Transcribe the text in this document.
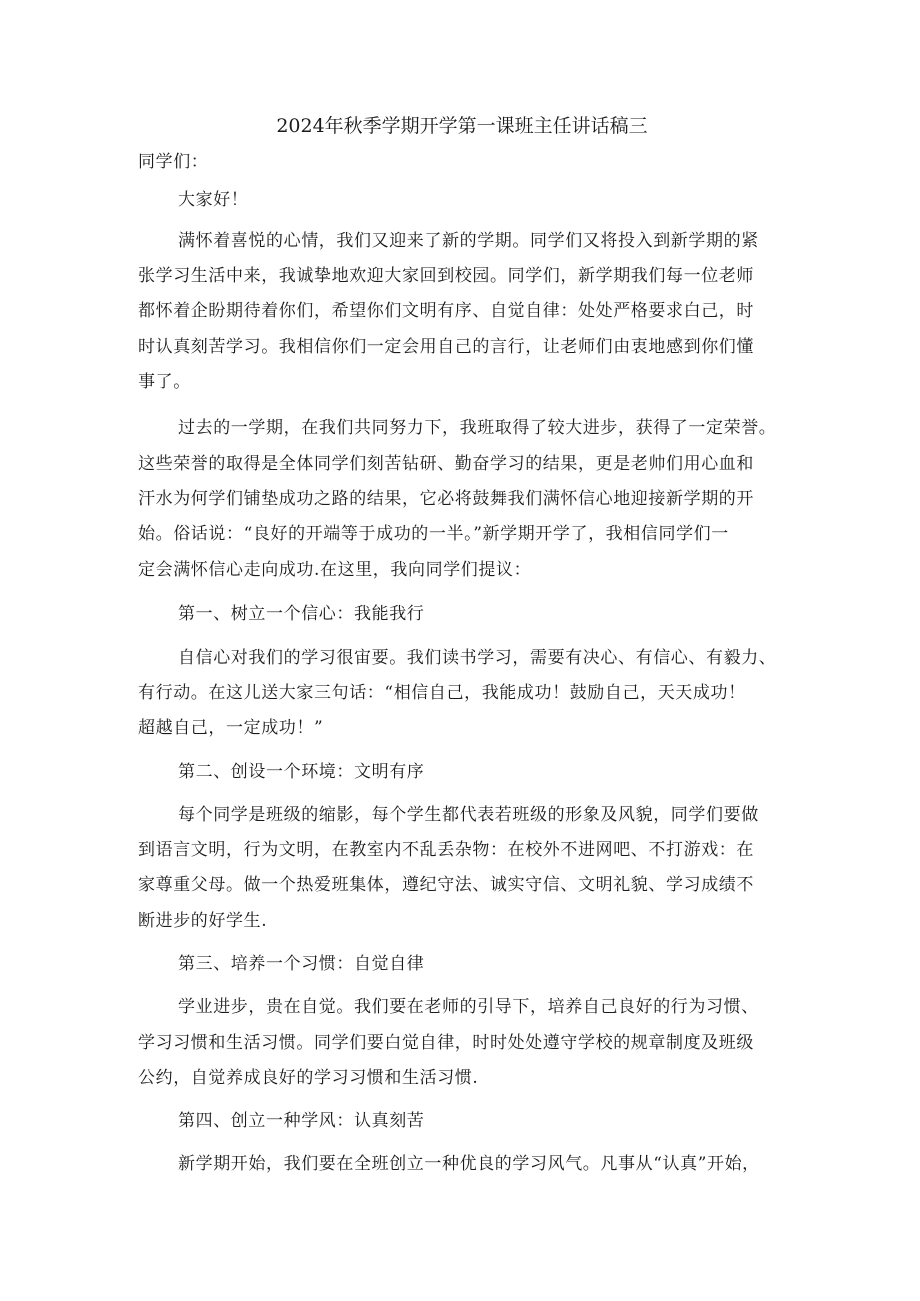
2024年秋季学期开学第一课班主任讲话稿三
同学们：
大家好！
满怀着喜悦的心情，我们又迎来了新的学期。同学们又将投入到新学期的紧
张学习生活中来，我诚挚地欢迎大家回到校园。同学们，新学期我们每一位老师
都怀着企盼期待着你们，希望你们文明有序、自觉自律：处处严格要求白己，时
时认真刻苦学习。我相信你们一定会用自己的言行，让老师们由衷地感到你们懂
事了。
过去的一学期，在我们共同努力下，我班取得了较大进步，获得了一定荣誉。
这些荣誉的取得是全体同学们刻苦钻研、勤奋学习的结果，更是老帅们用心血和
汗水为何学们铺垫成功之路的结果，它必将鼓舞我们满怀信心地迎接新学期的开
始。俗话说：“良好的开端等于成功的一半。”新学期开学了，我相信同学们一
定会满怀信心走向成功.在这里，我向同学们提议：
第一、树立一个信心：我能我行
自信心对我们的学习很宙要。我们读书学习，需要有决心、有信心、有毅力、
有行动。在这儿送大家三句话：“相信自己，我能成功！鼓励自己，天天成功！
超越自己，一定成功！”
第二、创设一个环境：文明有序
每个同学是班级的缩影，每个学生都代表若班级的形象及风貌，同学们要做
到语言文明，行为文明，在教室内不乱丢杂物：在校外不进网吧、不打游戏：在
家尊重父母。做一个热爱班集体，遵纪守法、诚实守信、文明礼貌、学习成绩不
断进步的好学生.
第三、培养一个习惯：自觉自律
学业进步，贵在自觉。我们要在老师的引导下，培养自己良好的行为习惯、
学习习惯和生活习惯。同学们要白觉自律，时时处处遵守学校的规章制度及班级
公约，自觉养成良好的学习习惯和生活习惯.
第四、创立一种学风：认真刻苦
新学期开始，我们要在全班创立一种优良的学习风气。凡事从“认真”开始，
